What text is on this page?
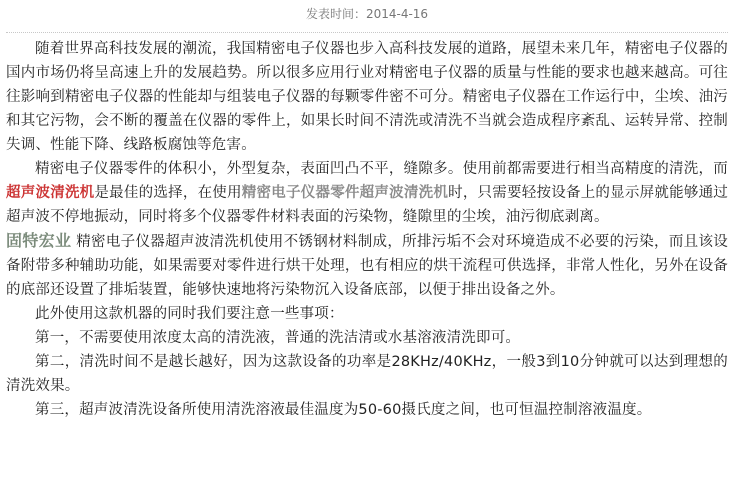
发表时间：2014-4-16

随着世界高科技发展的潮流，我国精密电子仪器也步入高科技发展的道路，展望未来几年，精密电子仪器的国内市场仍将呈高速上升的发展趋势。所以很多应用行业对精密电子仪器的质量与性能的要求也越来越高。可往往影响到精密电子仪器的性能却与组装电子仪器的每颗零件密不可分。精密电子仪器在工作运行中，尘埃、油污和其它污物，会不断的覆盖在仪器的零件上，如果长时间不清洗或清洗不当就会造成程序紊乱、运转异常、控制失调、性能下降、线路板腐蚀等危害。

精密电子仪器零件的体积小，外型复杂，表面凹凸不平，缝隙多。使用前都需要进行相当高精度的清洗，而超声波清洗机是最佳的选择，在使用精密电子仪器零件超声波清洗机时，只需要轻按设备上的显示屏就能够通过超声波不停地振动，同时将多个仪器零件材料表面的污染物，缝隙里的尘埃，油污彻底剥离。

固特宏业 精密电子仪器超声波清洗机使用不锈钢材料制成，所排污垢不会对环境造成不必要的污染，而且该设备附带多种辅助功能，如果需要对零件进行烘干处理，也有相应的烘干流程可供选择，非常人性化，另外在设备的底部还设置了排垢装置，能够快速地将污染物沉入设备底部，以便于排出设备之外。

此外使用这款机器的同时我们要注意一些事项：

第一，不需要使用浓度太高的清洗液，普通的洗洁清或水基溶液清洗即可。

第二，清洗时间不是越长越好，因为这款设备的功率是28KHz/40KHz，一般3到10分钟就可以达到理想的清洗效果。

第三，超声波清洗设备所使用清洗溶液最佳温度为50-60摄氏度之间，也可恒温控制溶液温度。
